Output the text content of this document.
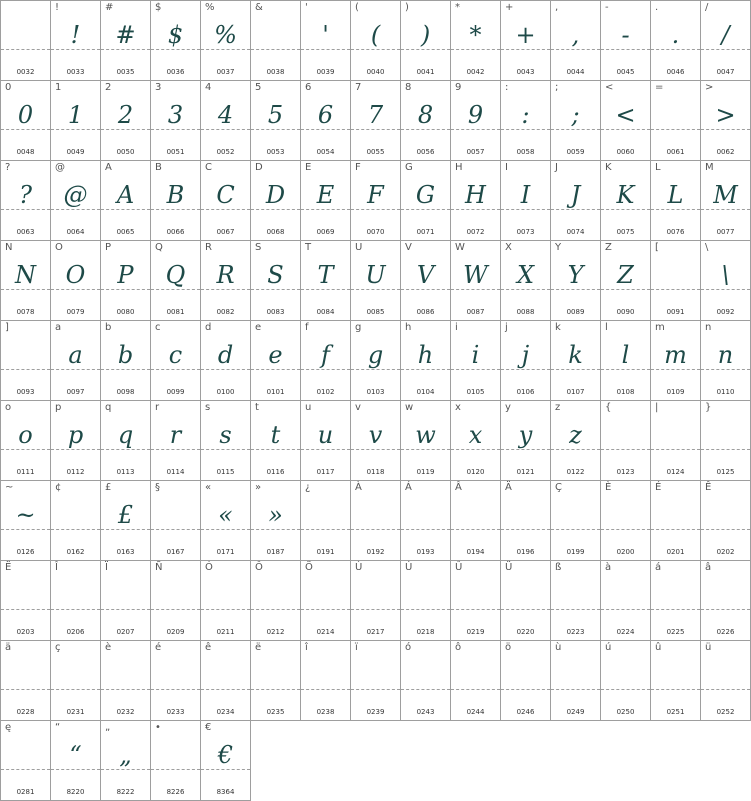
0032
!
!
0033
#
#
0035
$
$
0036
%
%
0037
&
0038
'
'
0039
(
(
0040
)
)
0041
*
*
0042
+
+
0043
,
,
0044
-
-
0045
.
.
0046
/
/
0047
0
0
0048
1
1
0049
2
2
0050
3
3
0051
4
4
0052
5
5
0053
6
6
0054
7
7
0055
8
8
0056
9
9
0057
:
:
0058
;
;
0059
<
<
0060
=
0061
>
>
0062
?
?
0063
@
@
0064
A
A
0065
B
B
0066
C
C
0067
D
D
0068
E
E
0069
F
F
0070
G
G
0071
H
H
0072
I
I
0073
J
J
0074
K
K
0075
L
L
0076
M
M
0077
N
N
0078
O
O
0079
P
P
0080
Q
Q
0081
R
R
0082
S
S
0083
T
T
0084
U
U
0085
V
V
0086
W
W
0087
X
X
0088
Y
Y
0089
Z
Z
0090
[
0091
\
\
0092
]
0093
a
a
0097
b
b
0098
c
c
0099
d
d
0100
e
e
0101
f
f
0102
g
g
0103
h
h
0104
i
i
0105
j
j
0106
k
k
0107
l
l
0108
m
m
0109
n
n
0110
o
o
0111
p
p
0112
q
q
0113
r
r
0114
s
s
0115
t
t
0116
u
u
0117
v
v
0118
w
w
0119
x
x
0120
y
y
0121
z
z
0122
{
0123
|
0124
}
0125
~
~
0126
¢
0162
£
£
0163
§
0167
«
«
0171
»
»
0187
¿
0191
À
0192
Á
0193
Â
0194
Ä
0196
Ç
0199
È
0200
É
0201
Ê
0202
Ë
0203
Î
0206
Ï
0207
Ñ
0209
Ó
0211
Ô
0212
Ö
0214
Ù
0217
Ú
0218
Û
0219
Ü
0220
ß
0223
à
0224
á
0225
â
0226
ä
0228
ç
0231
è
0232
é
0233
ê
0234
ë
0235
î
0238
ï
0239
ó
0243
ô
0244
ö
0246
ù
0249
ú
0250
û
0251
ü
0252
ę
0281
“
“
8220
„
„
8222
•
8226
€
€
8364
